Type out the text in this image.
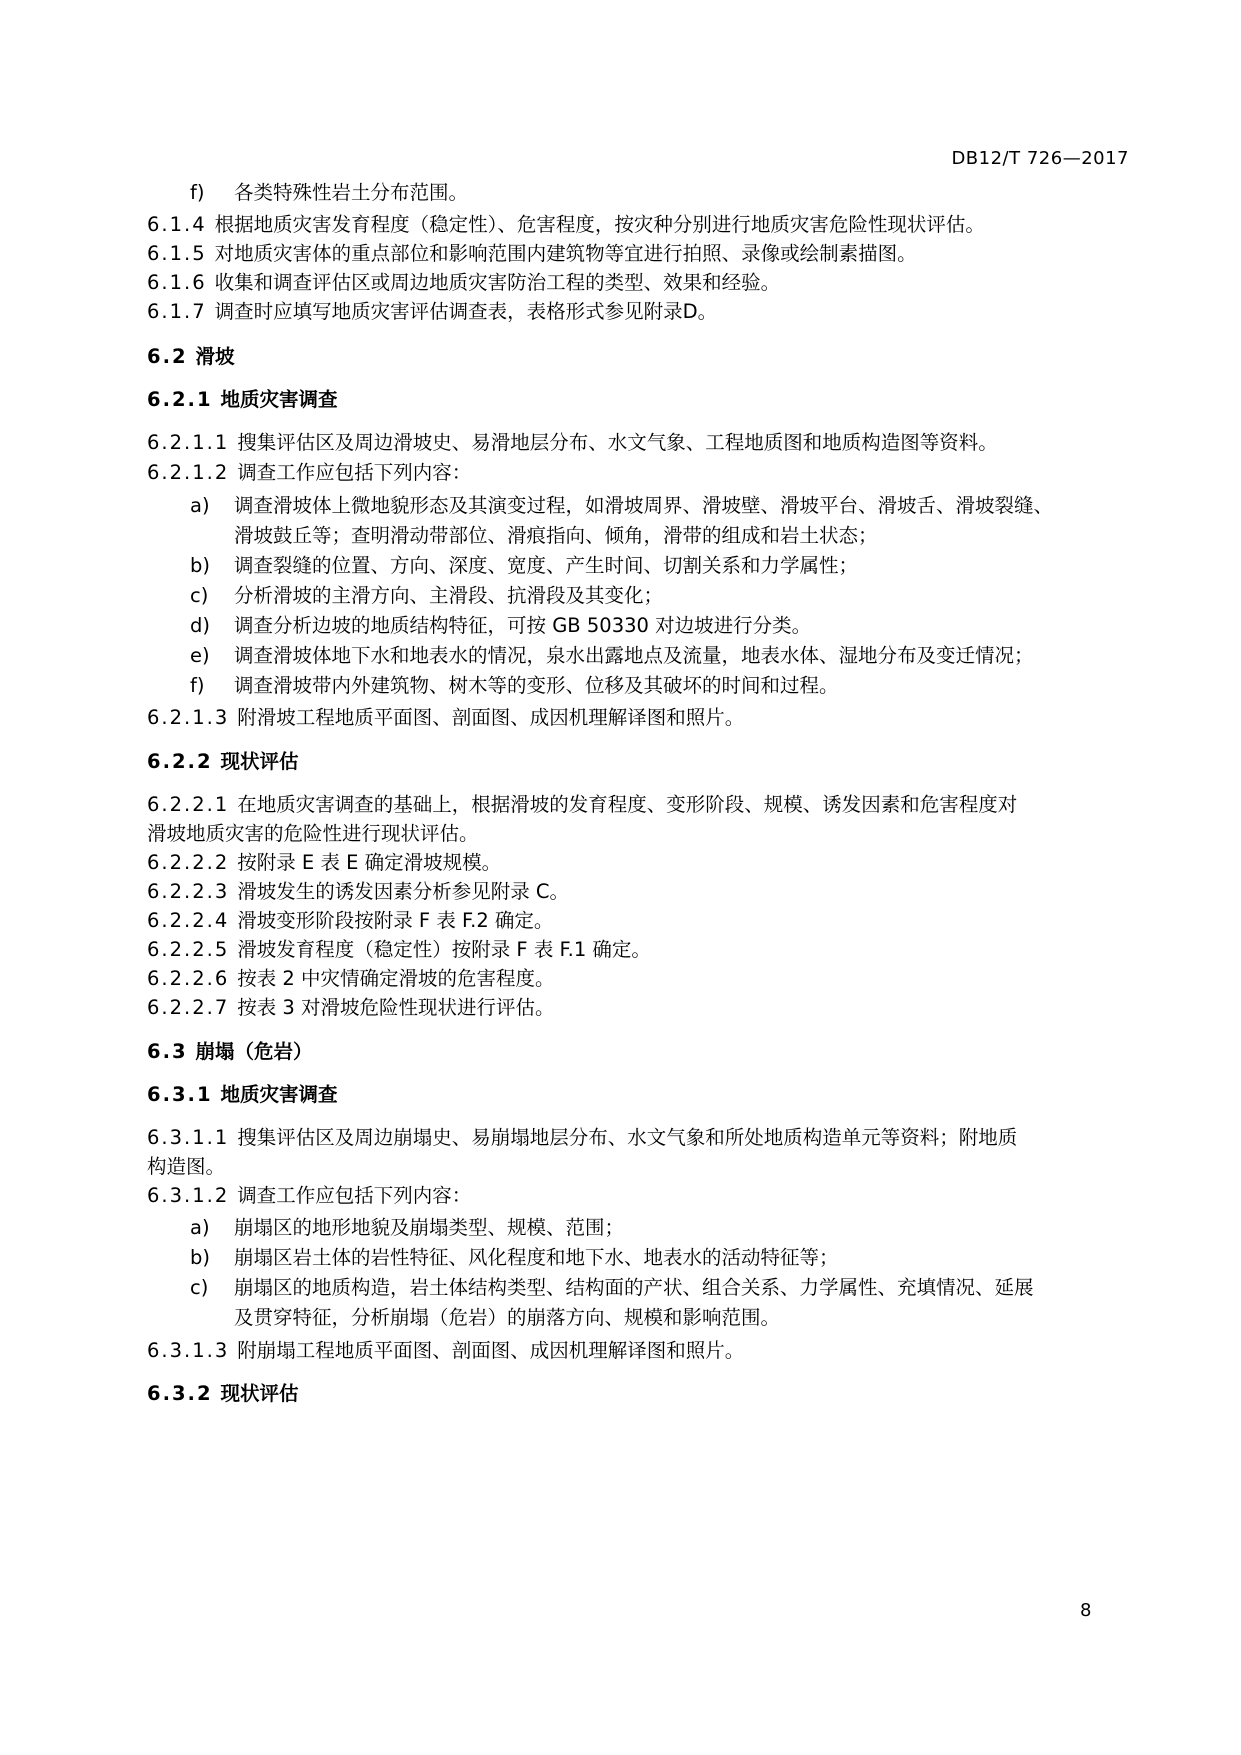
DB12/T 726—2017
f) 各类特殊性岩土分布范围。
6.1.4 根据地质灾害发育程度（稳定性）、危害程度，按灾种分别进行地质灾害危险性现状评估。
6.1.5 对地质灾害体的重点部位和影响范围内建筑物等宜进行拍照、录像或绘制素描图。
6.1.6 收集和调查评估区或周边地质灾害防治工程的类型、效果和经验。
6.1.7 调查时应填写地质灾害评估调查表，表格形式参见附录D。
6.2 滑坡
6.2.1 地质灾害调查
6.2.1.1 搜集评估区及周边滑坡史、易滑地层分布、水文气象、工程地质图和地质构造图等资料。
6.2.1.2 调查工作应包括下列内容：
a) 调查滑坡体上微地貌形态及其演变过程，如滑坡周界、滑坡壁、滑坡平台、滑坡舌、滑坡裂缝、
滑坡鼓丘等；查明滑动带部位、滑痕指向、倾角，滑带的组成和岩土状态；
b) 调查裂缝的位置、方向、深度、宽度、产生时间、切割关系和力学属性；
c) 分析滑坡的主滑方向、主滑段、抗滑段及其变化；
d) 调查分析边坡的地质结构特征，可按 GB 50330 对边坡进行分类。
e) 调查滑坡体地下水和地表水的情况，泉水出露地点及流量，地表水体、湿地分布及变迁情况；
f) 调查滑坡带内外建筑物、树木等的变形、位移及其破坏的时间和过程。
6.2.1.3 附滑坡工程地质平面图、剖面图、成因机理解译图和照片。
6.2.2 现状评估
6.2.2.1 在地质灾害调查的基础上，根据滑坡的发育程度、变形阶段、规模、诱发因素和危害程度对
滑坡地质灾害的危险性进行现状评估。
6.2.2.2 按附录 E 表 E 确定滑坡规模。
6.2.2.3 滑坡发生的诱发因素分析参见附录 C。
6.2.2.4 滑坡变形阶段按附录 F 表 F.2 确定。
6.2.2.5 滑坡发育程度（稳定性）按附录 F 表 F.1 确定。
6.2.2.6 按表 2 中灾情确定滑坡的危害程度。
6.2.2.7 按表 3 对滑坡危险性现状进行评估。
6.3 崩塌（危岩）
6.3.1 地质灾害调查
6.3.1.1 搜集评估区及周边崩塌史、易崩塌地层分布、水文气象和所处地质构造单元等资料；附地质
构造图。
6.3.1.2 调查工作应包括下列内容：
a) 崩塌区的地形地貌及崩塌类型、规模、范围；
b) 崩塌区岩土体的岩性特征、风化程度和地下水、地表水的活动特征等；
c) 崩塌区的地质构造，岩土体结构类型、结构面的产状、组合关系、力学属性、充填情况、延展
及贯穿特征，分析崩塌（危岩）的崩落方向、规模和影响范围。
6.3.1.3 附崩塌工程地质平面图、剖面图、成因机理解译图和照片。
6.3.2 现状评估
8
